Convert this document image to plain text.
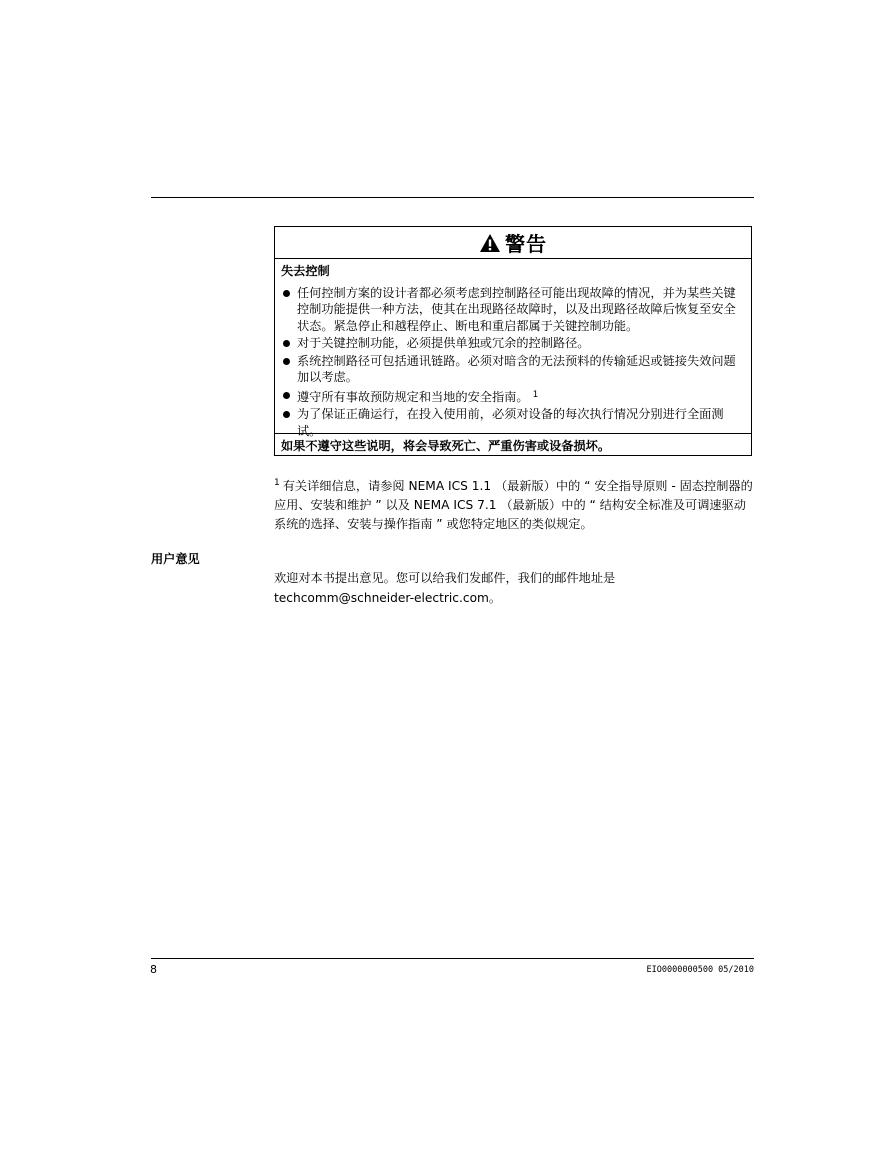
警告
失去控制
任何控制方案的设计者都必须考虑到控制路径可能出现故障的情况，并为某些关键控制功能提供一种方法，使其在出现路径故障时，以及出现路径故障后恢复至安全状态。紧急停止和越程停止、断电和重启都属于关键控制功能。
对于关键控制功能，必须提供单独或冗余的控制路径。
系统控制路径可包括通讯链路。必须对暗含的无法预料的传输延迟或链接失效问题加以考虑。
遵守所有事故预防规定和当地的安全指南。 $^1$
为了保证正确运行，在投入使用前，必须对设备的每次执行情况分别进行全面测试。
如果不遵守这些说明，将会导致死亡、严重伤害或设备损坏。
$^1$ 有关详细信息，请参阅 NEMA ICS 1.1 （最新版）中的 “ 安全指导原则 - 固态控制器的应用、安装和维护 ” 以及 NEMA ICS 7.1 （最新版）中的 “ 结构安全标准及可调速驱动系统的选择、安装与操作指南 ” 或您特定地区的类似规定。
用户意见
欢迎对本书提出意见。您可以给我们发邮件，我们的邮件地址是
techcomm@schneider-electric.com。
8	EIO0000000500 05/2010
